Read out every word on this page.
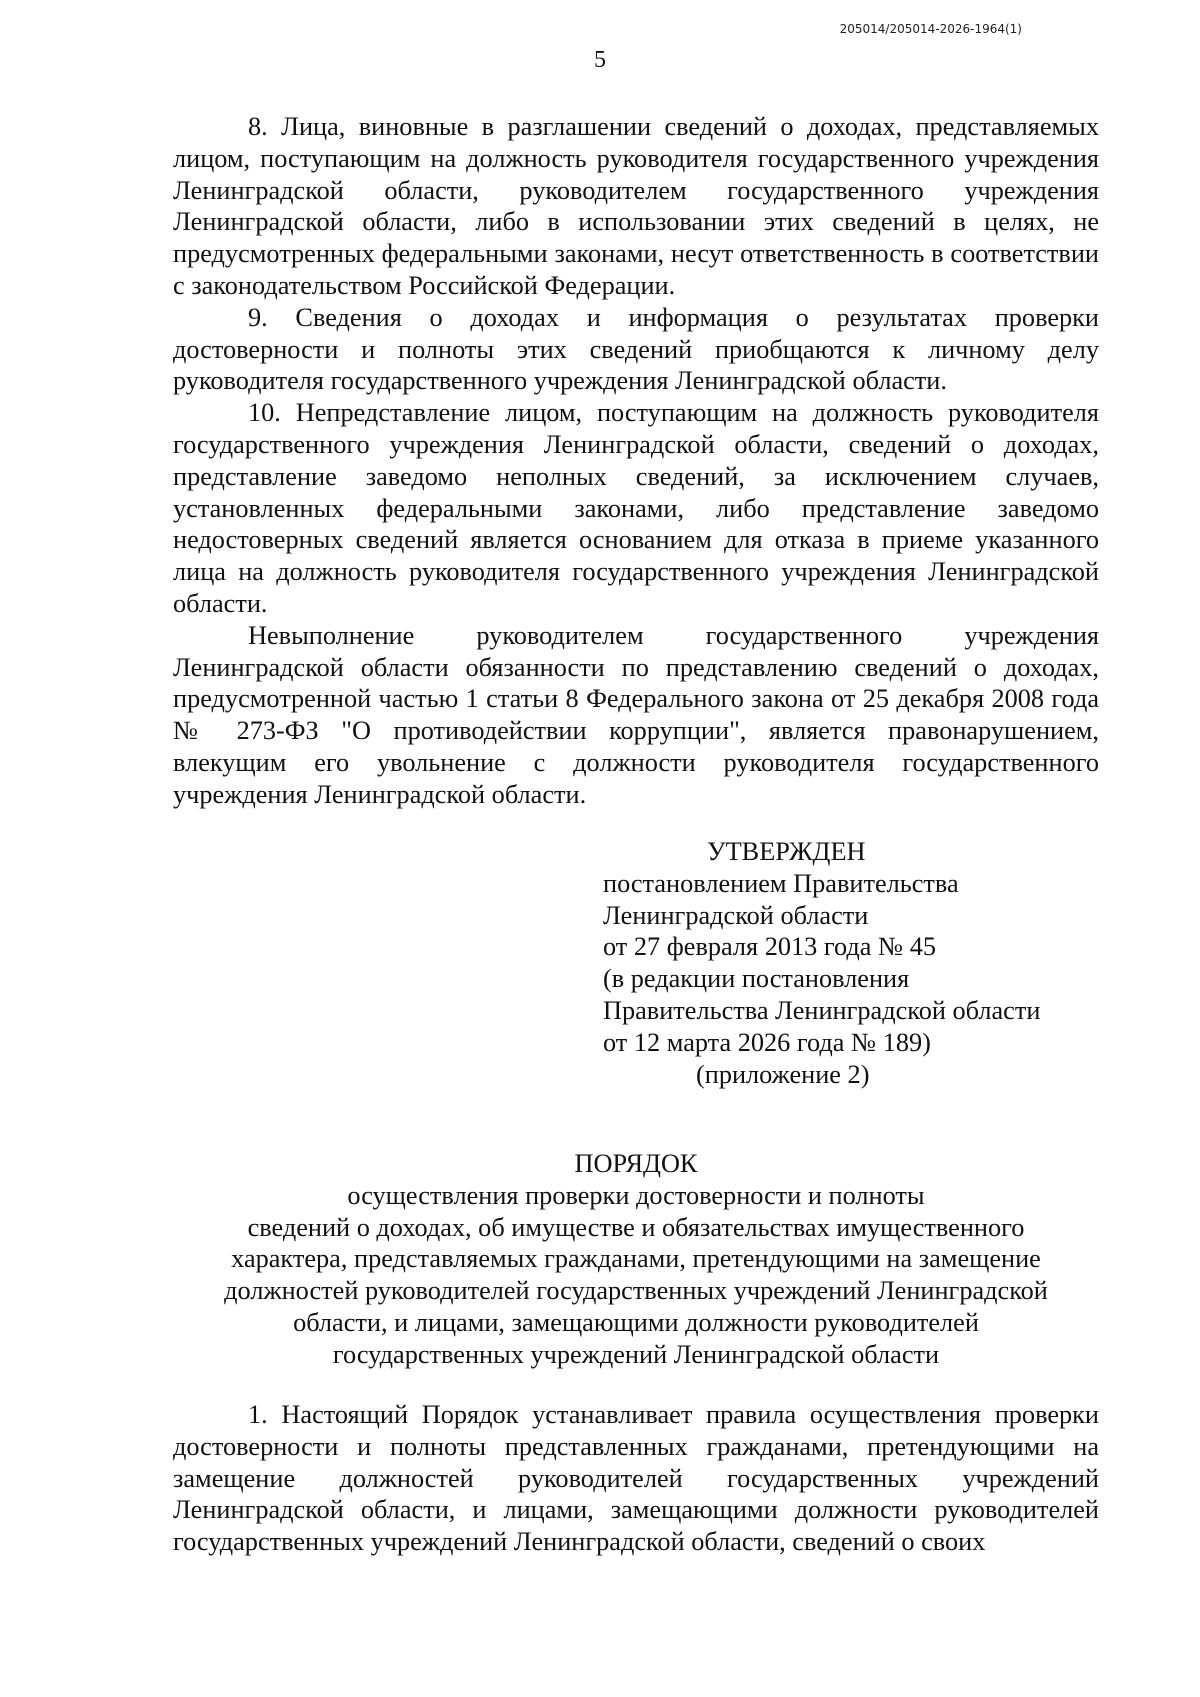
205014/205014-2026-1964(1)
5

8. Лица, виновные в разглашении сведений о доходах, представляемых лицом, поступающим на должность руководителя государственного учреждения Ленинградской области, руководителем государственного учреждения Ленинградской области, либо в использовании этих сведений в целях, не предусмотренных федеральными законами, несут ответственность в соответствии с законодательством Российской Федерации.

9. Сведения о доходах и информация о результатах проверки достоверности и полноты этих сведений приобщаются к личному делу руководителя государственного учреждения Ленинградской области.

10. Непредставление лицом, поступающим на должность руководителя государственного учреждения Ленинградской области, сведений о доходах, представление заведомо неполных сведений, за исключением случаев, установленных федеральными законами, либо представление заведомо недостоверных сведений является основанием для отказа в приеме указанного лица на должность руководителя государственного учреждения Ленинградской области.

Невыполнение руководителем государственного учреждения Ленинградской области обязанности по представлению сведений о доходах, предусмотренной частью 1 статьи 8 Федерального закона от 25 декабря 2008 года № 273-ФЗ "О противодействии коррупции", является правонарушением, влекущим его увольнение с должности руководителя государственного учреждения Ленинградской области.

УТВЕРЖДЕН

постановлением Правительства

Ленинградской области

от 27 февраля 2013 года № 45

(в редакции постановления

Правительства Ленинградской области

от 12 марта 2026 года № 189)

(приложение 2)

ПОРЯДОК

осуществления проверки достоверности и полноты

сведений о доходах, об имуществе и обязательствах имущественного

характера, представляемых гражданами, претендующими на замещение

должностей руководителей государственных учреждений Ленинградской

области, и лицами, замещающими должности руководителей

государственных учреждений Ленинградской области

1. Настоящий Порядок устанавливает правила осуществления проверки достоверности и полноты представленных гражданами, претендующими на замещение должностей руководителей государственных учреждений Ленинградской области, и лицами, замещающими должности руководителей государственных учреждений Ленинградской области, сведений о своих
